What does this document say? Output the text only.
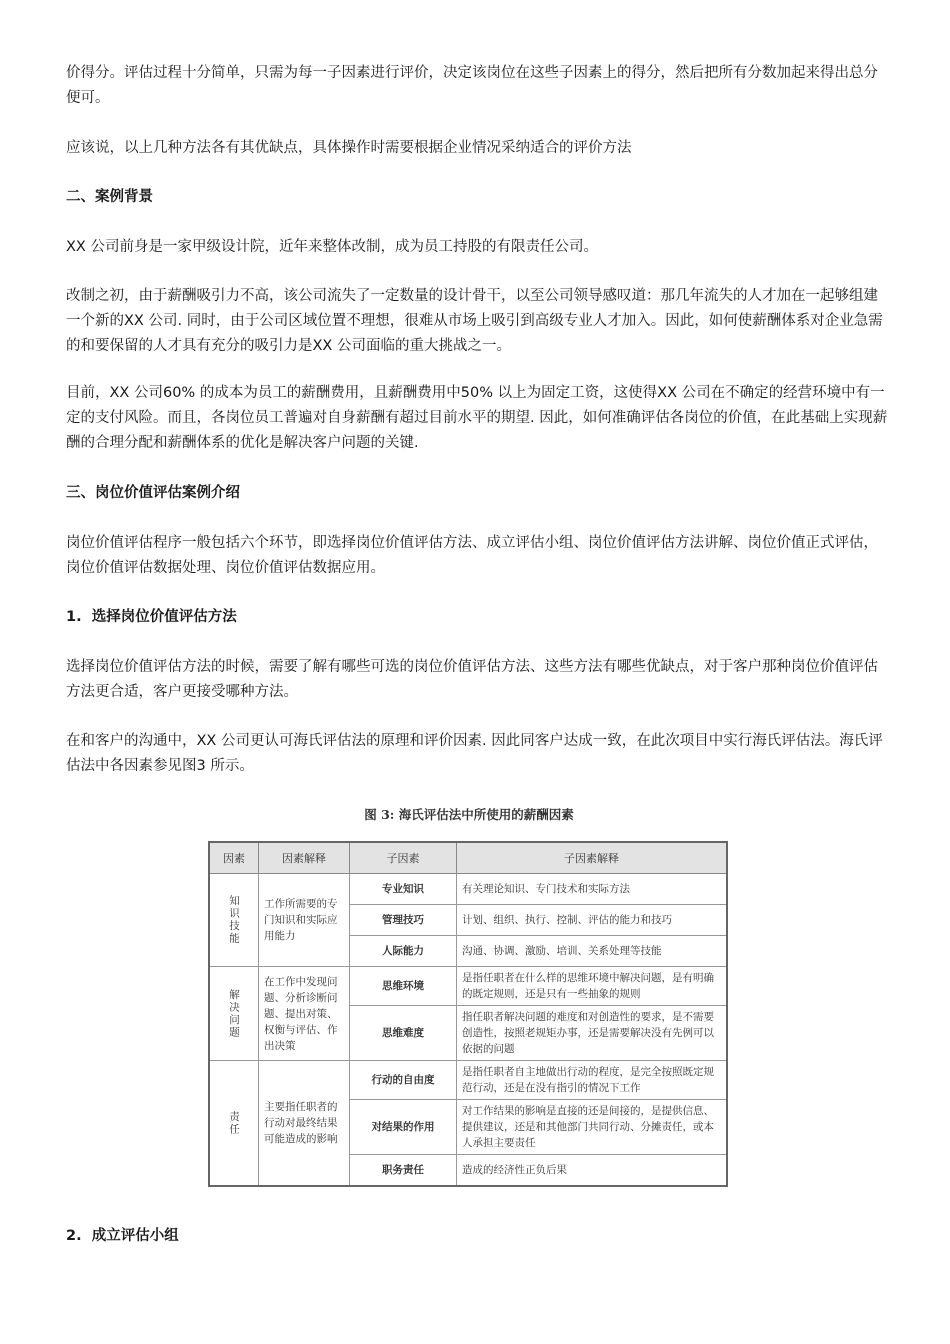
价得分。评估过程十分简单，只需为每一子因素进行评价，决定该岗位在这些子因素上的得分，然后把所有分数加起来得出总分便可。

应该说，以上几种方法各有其优缺点，具体操作时需要根据企业情况采纳适合的评价方法

二、案例背景

XX 公司前身是一家甲级设计院，近年来整体改制，成为员工持股的有限责任公司。

改制之初，由于薪酬吸引力不高，该公司流失了一定数量的设计骨干，以至公司领导感叹道：那几年流失的人才加在一起够组建一个新的XX 公司. 同时，由于公司区域位置不理想，很难从市场上吸引到高级专业人才加入。因此，如何使薪酬体系对企业急需的和要保留的人才具有充分的吸引力是XX 公司面临的重大挑战之一。

目前，XX 公司60% 的成本为员工的薪酬费用，且薪酬费用中50% 以上为固定工资，这使得XX 公司在不确定的经营环境中有一定的支付风险。而且，各岗位员工普遍对自身薪酬有超过目前水平的期望. 因此，如何准确评估各岗位的价值，在此基础上实现薪酬的合理分配和薪酬体系的优化是解决客户问题的关键.

三、岗位价值评估案例介绍

岗位价值评估程序一般包括六个环节，即选择岗位价值评估方法、成立评估小组、岗位价值评估方法讲解、岗位价值正式评估，岗位价值评估数据处理、岗位价值评估数据应用。

1.  选择岗位价值评估方法

选择岗位价值评估方法的时候，需要了解有哪些可选的岗位价值评估方法、这些方法有哪些优缺点，对于客户那种岗位价值评估方法更合适，客户更接受哪种方法。

在和客户的沟通中，XX 公司更认可海氏评估法的原理和评价因素. 因此同客户达成一致，在此次项目中实行海氏评估法。海氏评估法中各因素参见图3 所示。

2.  成立评估小组

图 3: 海氏评估法中所使用的薪酬因素

因素	因素解释	子因素	子因素解释
知识技能	工作所需要的专门知识和实际应用能力	专业知识	有关理论知识、专门技术和实际方法
		管理技巧	计划、组织、执行、控制、评估的能力和技巧
		人际能力	沟通、协调、激励、培训、关系处理等技能
解决问题	在工作中发现问题、分析诊断问题、提出对策、权衡与评估、作出决策	思维环境	是指任职者在什么样的思维环境中解决问题，是有明确的既定规则，还是只有一些抽象的规则
		思维难度	指任职者解决问题的难度和对创造性的要求，是不需要创造性，按照老规矩办事，还是需要解决没有先例可以依据的问题
责任	主要指任职者的行动对最终结果可能造成的影响	行动的自由度	是指任职者自主地做出行动的程度，是完全按照既定规范行动，还是在没有指引的情况下工作
		对结果的作用	对工作结果的影响是直接的还是间接的，是提供信息、提供建议，还是和其他部门共同行动、分摊责任，或本人承担主要责任
		职务责任	造成的经济性正负后果
